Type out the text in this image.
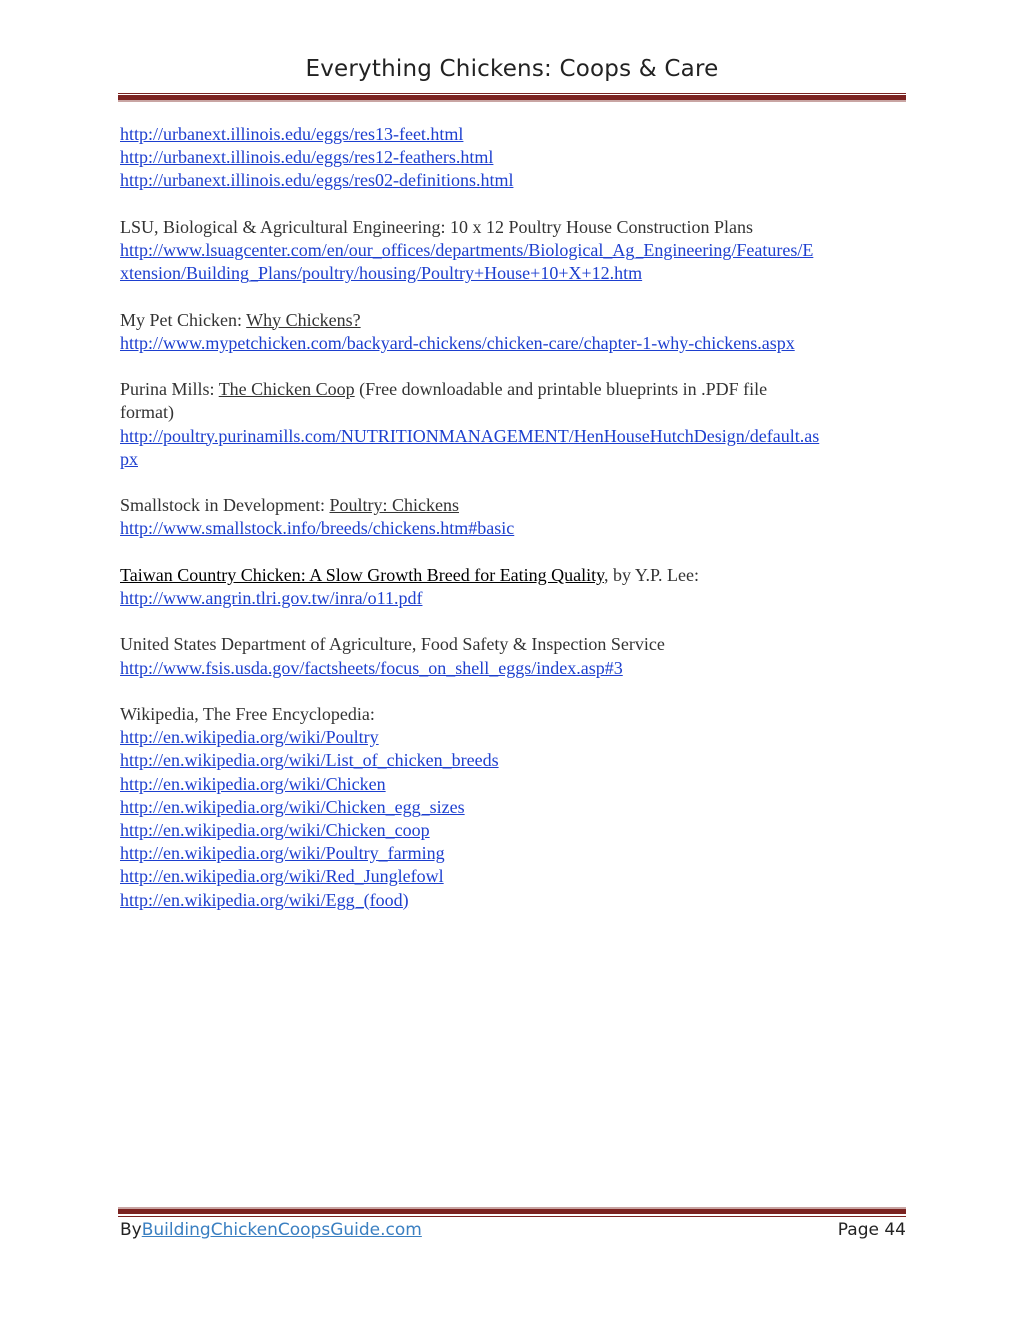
Everything Chickens: Coops & Care
http://urbanext.illinois.edu/eggs/res13-feet.html
http://urbanext.illinois.edu/eggs/res12-feathers.html
http://urbanext.illinois.edu/eggs/res02-definitions.html
LSU, Biological & Agricultural Engineering: 10 x 12 Poultry House Construction Plans
http://www.lsuagcenter.com/en/our_offices/departments/Biological_Ag_Engineering/Features/E
xtension/Building_Plans/poultry/housing/Poultry+House+10+X+12.htm
My Pet Chicken: Why Chickens?
http://www.mypetchicken.com/backyard-chickens/chicken-care/chapter-1-why-chickens.aspx
Purina Mills: The Chicken Coop (Free downloadable and printable blueprints in .PDF file
format)
http://poultry.purinamills.com/NUTRITIONMANAGEMENT/HenHouseHutchDesign/default.as
px
Smallstock in Development: Poultry: Chickens
http://www.smallstock.info/breeds/chickens.htm#basic
Taiwan Country Chicken: A Slow Growth Breed for Eating Quality, by Y.P. Lee:
http://www.angrin.tlri.gov.tw/inra/o11.pdf
United States Department of Agriculture, Food Safety & Inspection Service
http://www.fsis.usda.gov/factsheets/focus_on_shell_eggs/index.asp#3
Wikipedia, The Free Encyclopedia:
http://en.wikipedia.org/wiki/Poultry
http://en.wikipedia.org/wiki/List_of_chicken_breeds
http://en.wikipedia.org/wiki/Chicken
http://en.wikipedia.org/wiki/Chicken_egg_sizes
http://en.wikipedia.org/wiki/Chicken_coop
http://en.wikipedia.org/wiki/Poultry_farming
http://en.wikipedia.org/wiki/Red_Junglefowl
http://en.wikipedia.org/wiki/Egg_(food)
ByBuildingChickenCoopsGuide.com	Page 44
